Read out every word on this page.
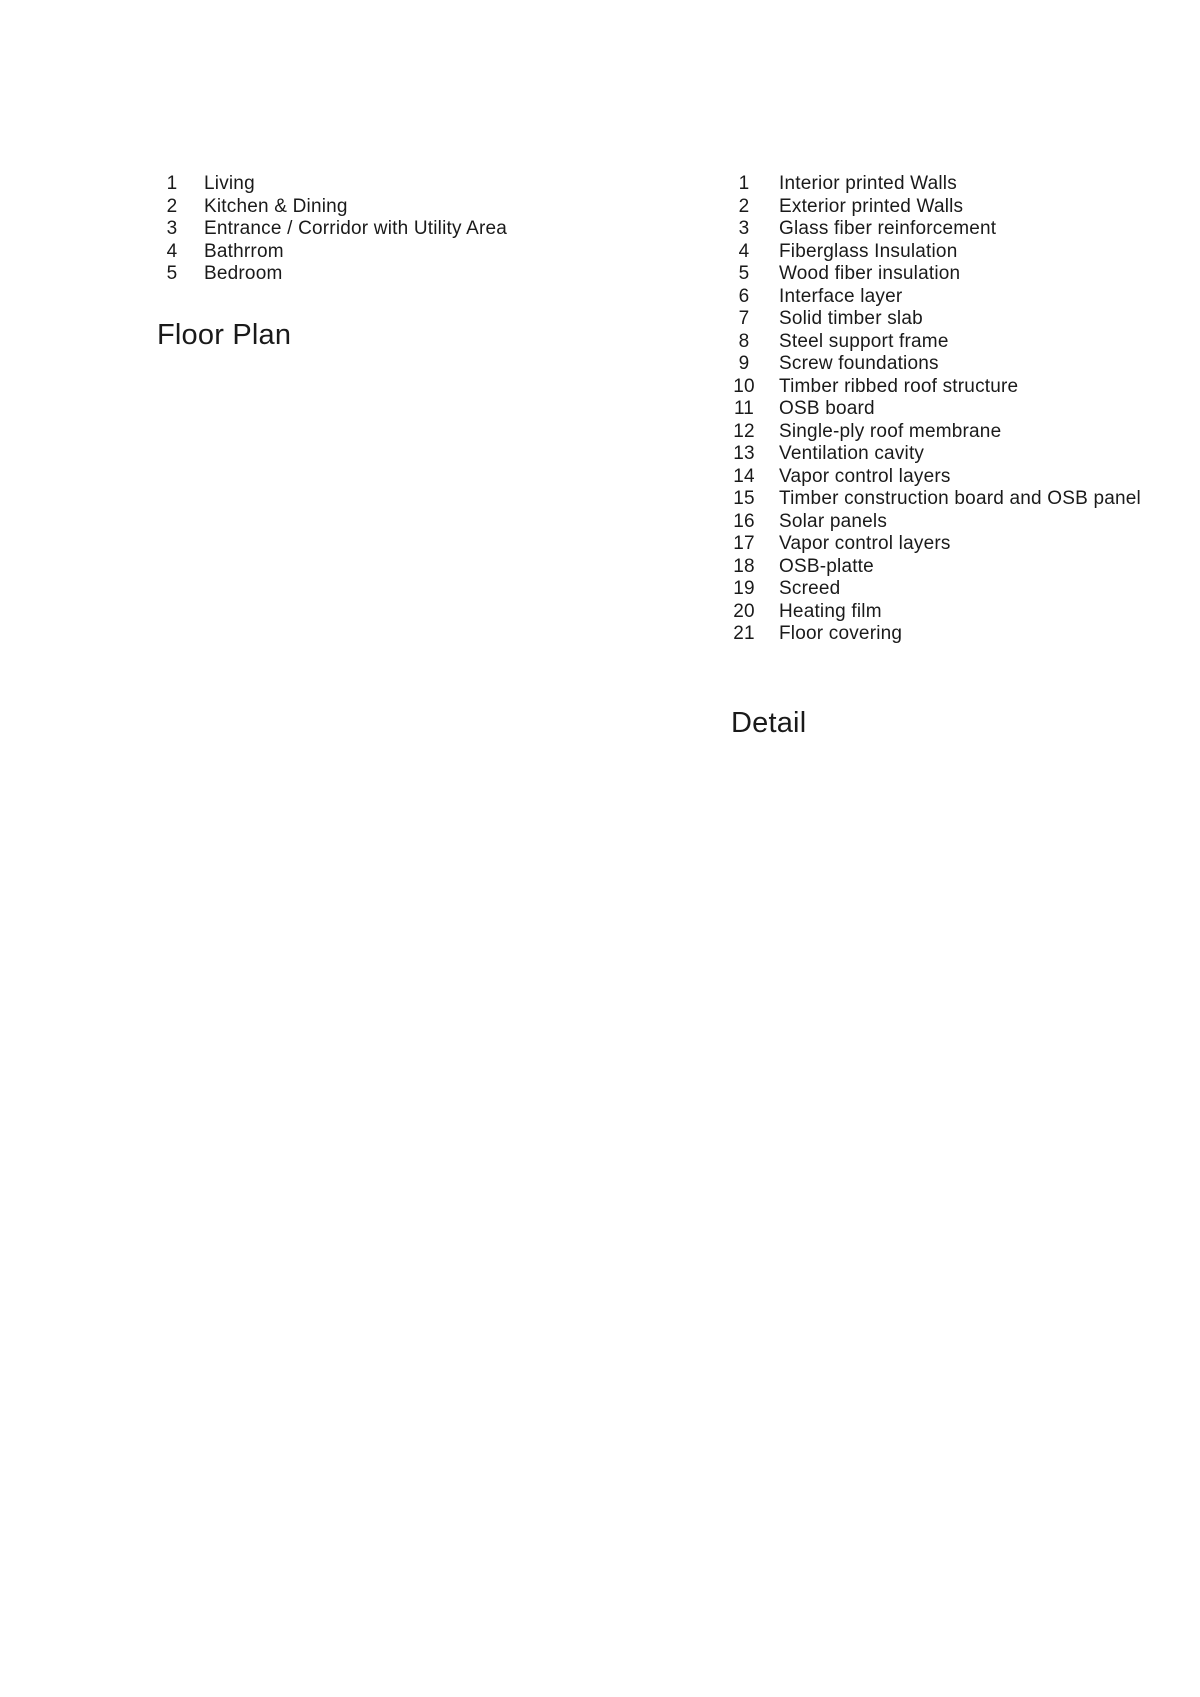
1	Living
2	Kitchen & Dining
3	Entrance / Corridor with Utility Area
4	Bathrrom
5	Bedroom
Floor Plan
1	Interior printed Walls
2	Exterior printed Walls
3	Glass fiber reinforcement
4	Fiberglass Insulation
5	Wood fiber insulation
6	Interface layer
7	Solid timber slab
8	Steel support frame
9	Screw foundations
10 Timber ribbed roof structure
11	OSB board
12 Single-ply roof membrane
13 Ventilation cavity
14 Vapor control layers
15 Timber construction board and OSB panel
16 Solar panels
17 Vapor control layers
18 OSB-platte
19 Screed
20 Heating film
21 Floor covering
Detail
